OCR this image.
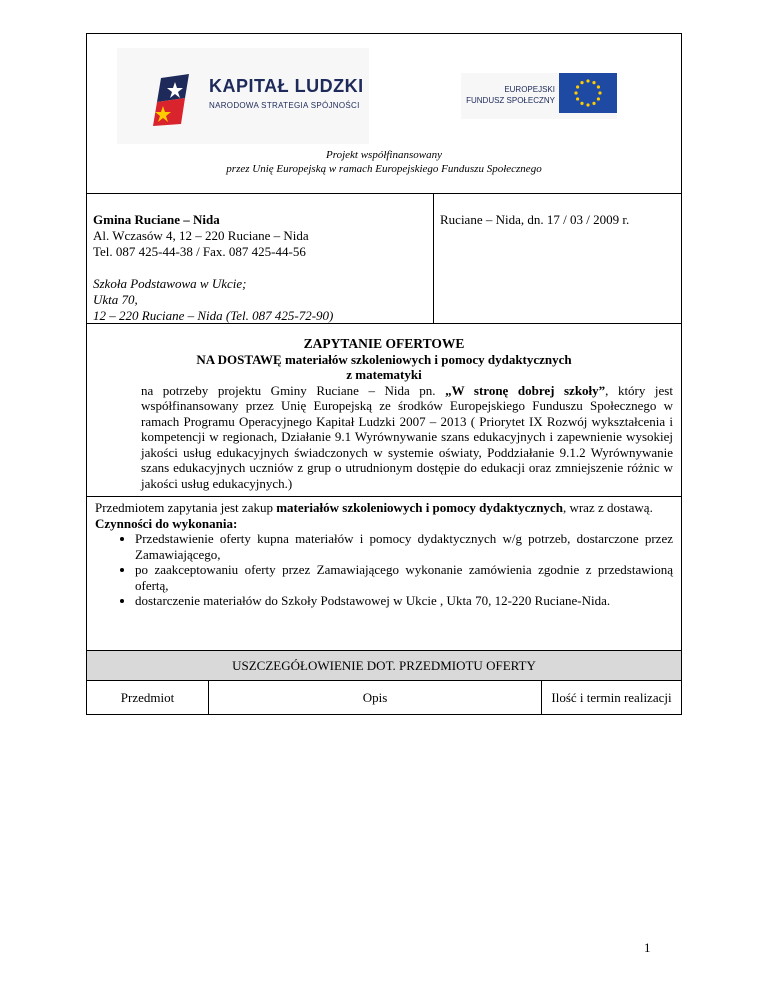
KAPITAŁ LUDZKI
NARODOWA STRATEGIA SPÓJNOŚCI
EUROPEJSKI
FUNDUSZ SPOŁECZNY
Projekt współfinansowany
przez Unię Europejską w ramach Europejskiego Funduszu Społecznego
Gmina Ruciane – Nida
Al. Wczasów 4, 12 – 220 Ruciane – Nida
Tel. 087 425-44-38 / Fax. 087 425-44-56
Szkoła Podstawowa w Ukcie;
Ukta 70,
12 – 220 Ruciane – Nida (Tel. 087 425-72-90)
Ruciane – Nida, dn. 17 / 03 / 2009 r.
ZAPYTANIE OFERTOWE
NA DOSTAWĘ materiałów szkoleniowych i pomocy dydaktycznych
z matematyki
na potrzeby projektu Gminy Ruciane – Nida pn. „W stronę dobrej szkoły”, który jest współfinansowany przez Unię Europejską ze środków Europejskiego Funduszu Społecznego w ramach Programu Operacyjnego Kapitał Ludzki 2007 – 2013 ( Priorytet IX Rozwój wykształcenia i kompetencji w regionach, Działanie 9.1 Wyrównywanie szans edukacyjnych i zapewnienie wysokiej jakości usług edukacyjnych świadczonych w systemie oświaty, Poddziałanie 9.1.2 Wyrównywanie szans edukacyjnych uczniów z grup o utrudnionym dostępie do edukacji oraz zmniejszenie różnic w jakości usług edukacyjnych.)
Przedmiotem zapytania jest zakup materiałów szkoleniowych i pomocy dydaktycznych, wraz z dostawą.
Czynności do wykonania:
• Przedstawienie oferty kupna materiałów i pomocy dydaktycznych w/g potrzeb, dostarczone przez Zamawiającego,
• po zaakceptowaniu oferty przez Zamawiającego wykonanie zamówienia zgodnie z przedstawioną ofertą,
• dostarczenie materiałów do Szkoły Podstawowej w Ukcie , Ukta 70, 12-220 Ruciane-Nida.
USZCZEGÓŁOWIENIE DOT. PRZEDMIOTU OFERTY
Przedmiot	Opis	Ilość i termin realizacji
1
